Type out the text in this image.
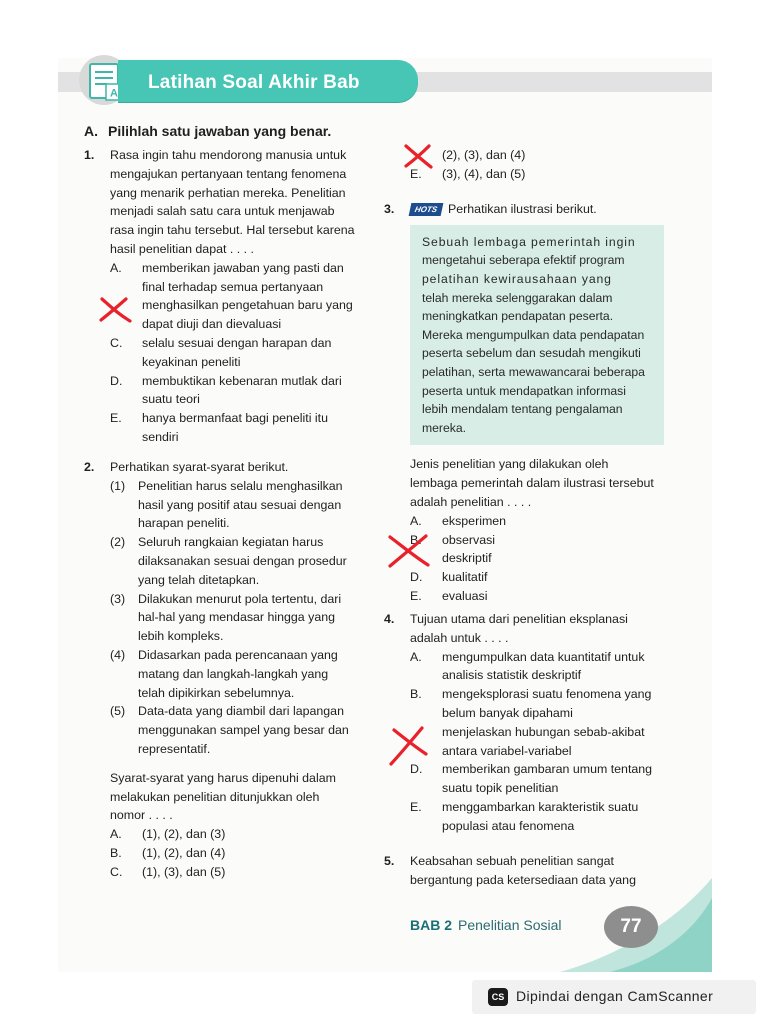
A
Latihan Soal Akhir Bab
A. Pilihlah satu jawaban yang benar.
1. Rasa ingin tahu mendorong manusia untuk
mengajukan pertanyaan tentang fenomena
yang menarik perhatian mereka. Penelitian
menjadi salah satu cara untuk menjawab
rasa ingin tahu tersebut. Hal tersebut karena
hasil penelitian dapat . . . .
A. memberikan jawaban yang pasti dan
final terhadap semua pertanyaan
menghasilkan pengetahuan baru yang
dapat diuji dan dievaluasi
C. selalu sesuai dengan harapan dan
keyakinan peneliti
D. membuktikan kebenaran mutlak dari
suatu teori
E. hanya bermanfaat bagi peneliti itu
sendiri
2. Perhatikan syarat-syarat berikut.
(1) Penelitian harus selalu menghasilkan
hasil yang positif atau sesuai dengan
harapan peneliti.
(2) Seluruh rangkaian kegiatan harus
dilaksanakan sesuai dengan prosedur
yang telah ditetapkan.
(3) Dilakukan menurut pola tertentu, dari
hal-hal yang mendasar hingga yang
lebih kompleks.
(4) Didasarkan pada perencanaan yang
matang dan langkah-langkah yang
telah dipikirkan sebelumnya.
(5) Data-data yang diambil dari lapangan
menggunakan sampel yang besar dan
representatif.
Syarat-syarat yang harus dipenuhi dalam
melakukan penelitian ditunjukkan oleh
nomor . . . .
A. (1), (2), dan (3)
B. (1), (2), dan (4)
C. (1), (3), dan (5)
(2), (3), dan (4)
E. (3), (4), dan (5)
3.	HOTS Perhatikan ilustrasi berikut.
Sebuah lembaga pemerintah ingin
mengetahui seberapa efektif program
pelatihan kewirausahaan yang
telah mereka selenggarakan dalam
meningkatkan pendapatan peserta.
Mereka mengumpulkan data pendapatan
peserta sebelum dan sesudah mengikuti
pelatihan, serta mewawancarai beberapa
peserta untuk mendapatkan informasi
lebih mendalam tentang pengalaman
mereka.
Jenis penelitian yang dilakukan oleh
lembaga pemerintah dalam ilustrasi tersebut
adalah penelitian . . . .
A. eksperimen
B. observasi
deskriptif
D. kualitatif
E. evaluasi
4. Tujuan utama dari penelitian eksplanasi
adalah untuk . . . .
A. mengumpulkan data kuantitatif untuk
analisis statistik deskriptif
B. mengeksplorasi suatu fenomena yang
belum banyak dipahami
menjelaskan hubungan sebab-akibat
antara variabel-variabel
D. memberikan gambaran umum tentang
suatu topik penelitian
E. menggambarkan karakteristik suatu
populasi atau fenomena
5. Keabsahan sebuah penelitian sangat
bergantung pada ketersediaan data yang
BAB 2 Penelitian Sosial	77
CS Dipindai dengan CamScanner
